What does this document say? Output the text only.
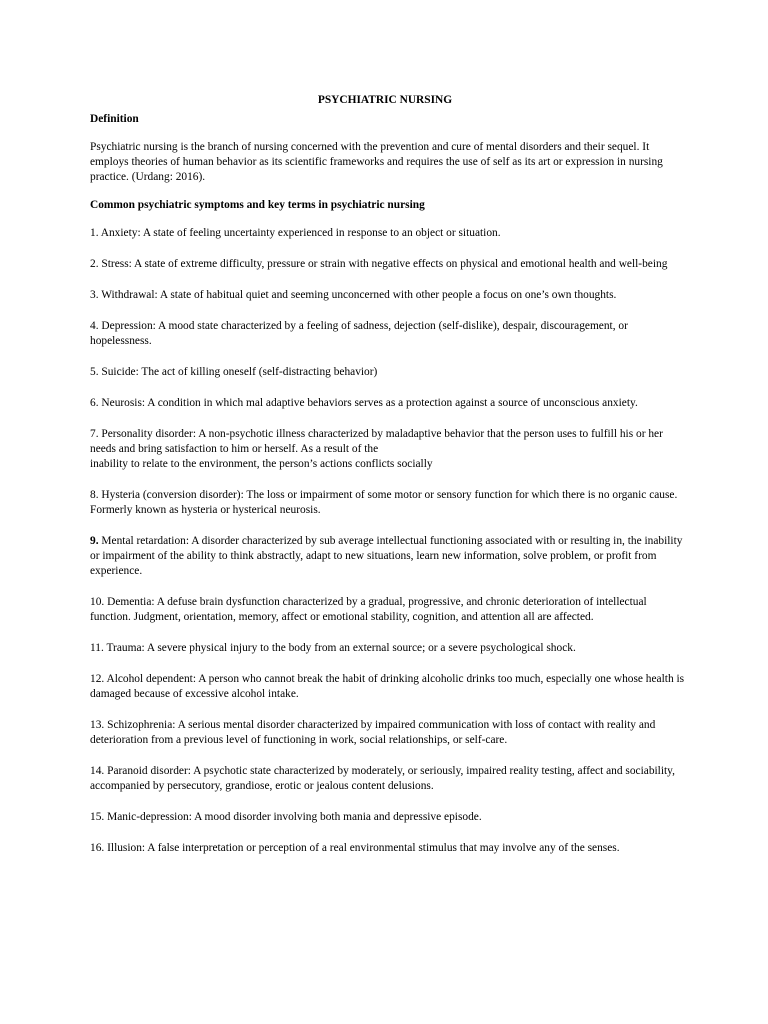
PSYCHIATRIC NURSING
Definition
Psychiatric nursing is the branch of nursing concerned with the prevention and cure of mental disorders and their sequel. It employs theories of human behavior as its scientific frameworks and requires the use of self as its art or expression in nursing practice. (Urdang: 2016).
Common psychiatric symptoms and key terms in psychiatric nursing
1. Anxiety: A state of feeling uncertainty experienced in response to an object or situation.
2. Stress: A state of extreme difficulty, pressure or strain with negative effects on physical and emotional health and well-being
3. Withdrawal: A state of habitual quiet and seeming unconcerned with other people a focus on one’s own thoughts.
4. Depression: A mood state characterized by a feeling of sadness, dejection (self-dislike), despair, discouragement, or hopelessness.
5. Suicide: The act of killing oneself (self-distracting behavior)
6. Neurosis: A condition in which mal adaptive behaviors serves as a protection against a source of unconscious anxiety.
7. Personality disorder: A non-psychotic illness characterized by maladaptive behavior that the person uses to fulfill his or her needs and bring satisfaction to him or herself. As a result of the
inability to relate to the environment, the person’s actions conflicts socially
8. Hysteria (conversion disorder): The loss or impairment of some motor or sensory function for which there is no organic cause. Formerly known as hysteria or hysterical neurosis.
9. Mental retardation: A disorder characterized by sub average intellectual functioning associated with or resulting in, the inability or impairment of the ability to think abstractly, adapt to new situations, learn new information, solve problem, or profit from
experience.
10. Dementia: A defuse brain dysfunction characterized by a gradual, progressive, and chronic deterioration of intellectual function. Judgment, orientation, memory, affect or emotional stability, cognition, and attention all are affected.
11. Trauma: A severe physical injury to the body from an external source; or a severe psychological shock.
12. Alcohol dependent: A person who cannot break the habit of drinking alcoholic drinks too much, especially one whose health is damaged because of excessive alcohol intake.
13. Schizophrenia: A serious mental disorder characterized by impaired communication with loss of contact with reality and deterioration from a previous level of functioning in work, social relationships, or self-care.
14. Paranoid disorder: A psychotic state characterized by moderately, or seriously, impaired reality testing, affect and sociability, accompanied by persecutory, grandiose, erotic or jealous content delusions.
15. Manic-depression: A mood disorder involving both mania and depressive episode.
16. Illusion: A false interpretation or perception of a real environmental stimulus that may involve any of the senses.
